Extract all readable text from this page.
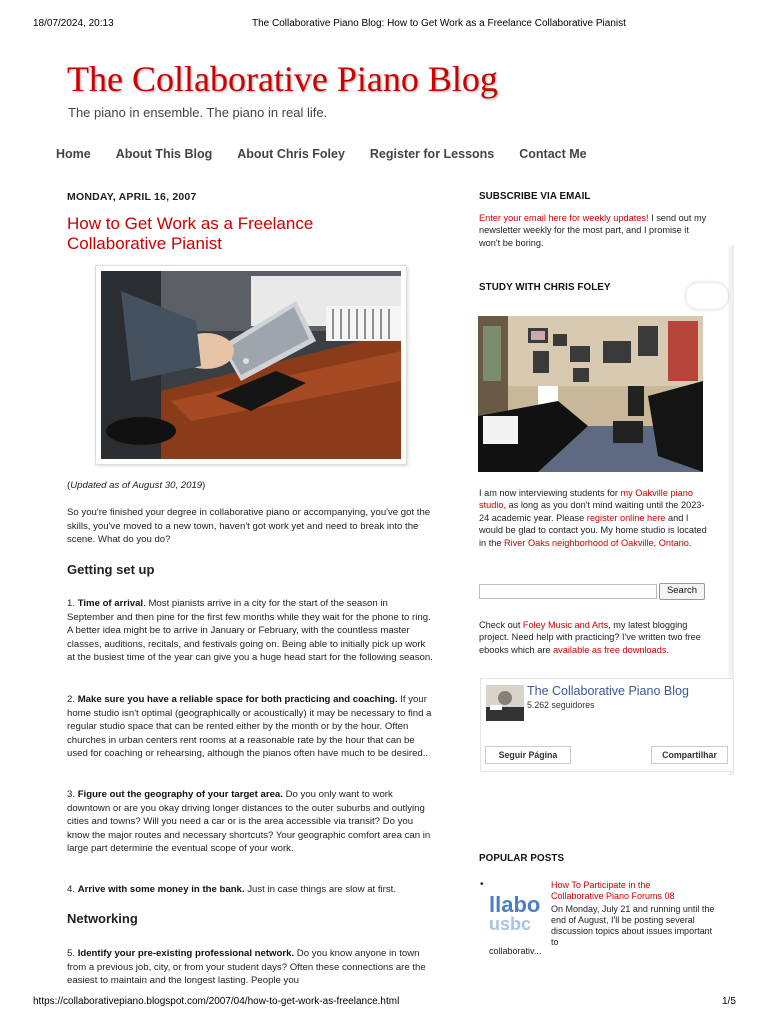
18/07/2024, 20:13	The Collaborative Piano Blog: How to Get Work as a Freelance Collaborative Pianist
The Collaborative Piano Blog
The piano in ensemble. The piano in real life.
Home About This Blog About Chris Foley Register for Lessons Contact Me
MONDAY, APRIL 16, 2007
How to Get Work as a Freelance Collaborative Pianist
(Updated as of August 30, 2019)
So you're finished your degree in collaborative piano or accompanying, you've got the skills, you've moved to a new town, haven't got work yet and need to break into the scene. What do you do?
Getting set up
1. Time of arrival. Most pianists arrive in a city for the start of the season in September and then pine for the first few months while they wait for the phone to ring. A better idea might be to arrive in January or February, with the countless master classes, auditions, recitals, and festivals going on. Being able to initially pick up work at the busiest time of the year can give you a huge head start for the following season.
2. Make sure you have a reliable space for both practicing and coaching. If your home studio isn't optimal (geographically or acoustically) it may be necessary to find a regular studio space that can be rented either by the month or by the hour. Often churches in urban centers rent rooms at a reasonable rate by the hour that can be used for coaching or rehearsing, although the pianos often have much to be desired..
3. Figure out the geography of your target area. Do you only want to work downtown or are you okay driving longer distances to the outer suburbs and outlying cities and towns? Will you need a car or is the area accessible via transit? Do you know the major routes and necessary shortcuts? Your geographic comfort area can in large part determine the eventual scope of your work.
4. Arrive with some money in the bank. Just in case things are slow at first.
Networking
5. Identify your pre-existing professional network. Do you know anyone in town from a previous job, city, or from your student days? Often these connections are the easiest to maintain and the longest lasting. People you
SUBSCRIBE VIA EMAIL
Enter your email here for weekly updates! I send out my newsletter weekly for the most part, and I promise it won't be boring.
STUDY WITH CHRIS FOLEY
I am now interviewing students for my Oakville piano studio, as long as you don't mind waiting until the 2023-24 academic year. Please register online here and I would be glad to contact you. My home studio is located in the River Oaks neighborhood of Oakville, Ontario.
Search
Check out Foley Music and Arts, my latest blogging project. Need help with practicing? I've written two free ebooks which are available as free downloads.
The Collaborative Piano Blog
5.262 seguidores
Seguir Página	Compartilhar
POPULAR POSTS
•
llabo
usbc
How To Participate in the Collaborative Piano Forums 08
On Monday, July 21 and running until the end of August, I'll be posting several discussion topics about issues important to
collaborativ...
https://collaborativepiano.blogspot.com/2007/04/how-to-get-work-as-freelance.html	1/5
